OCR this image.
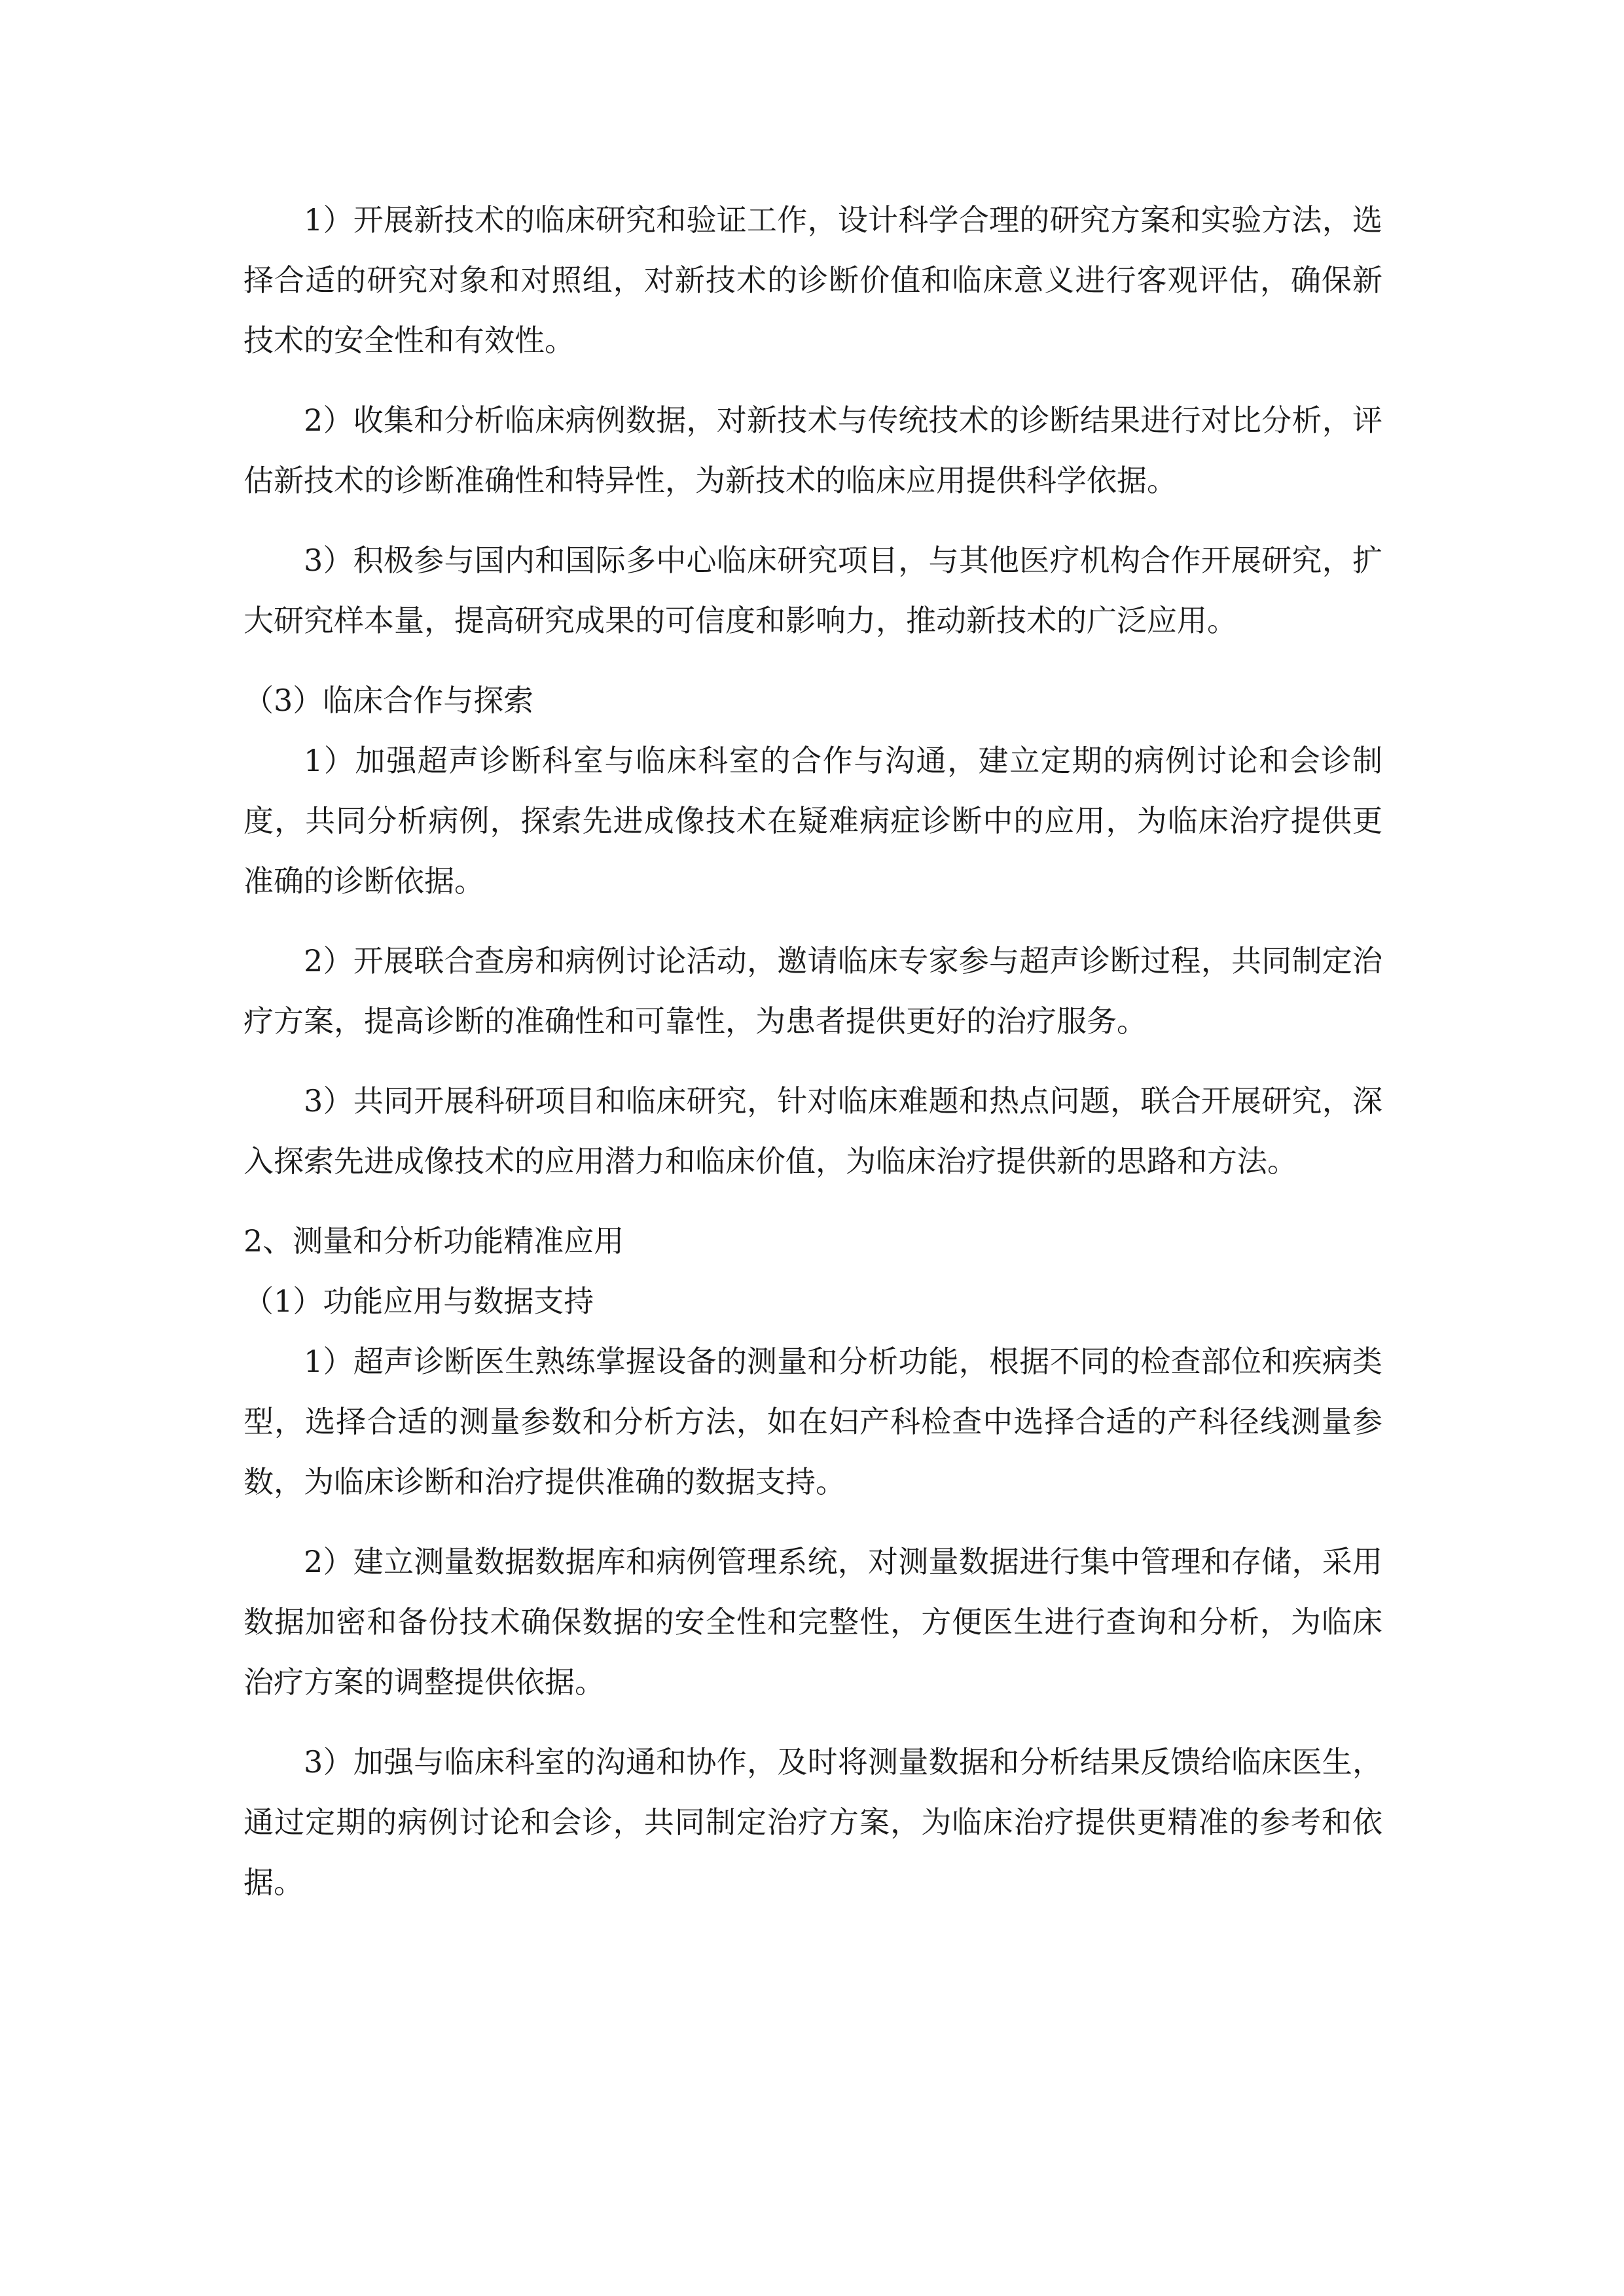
1）开展新技术的临床研究和验证工作，设计科学合理的研究方案和实验方法，选择合适的研究对象和对照组，对新技术的诊断价值和临床意义进行客观评估，确保新技术的安全性和有效性。

2）收集和分析临床病例数据，对新技术与传统技术的诊断结果进行对比分析，评估新技术的诊断准确性和特异性，为新技术的临床应用提供科学依据。

3）积极参与国内和国际多中心临床研究项目，与其他医疗机构合作开展研究，扩大研究样本量，提高研究成果的可信度和影响力，推动新技术的广泛应用。

（3）临床合作与探索

1）加强超声诊断科室与临床科室的合作与沟通，建立定期的病例讨论和会诊制度，共同分析病例，探索先进成像技术在疑难病症诊断中的应用，为临床治疗提供更准确的诊断依据。

2）开展联合查房和病例讨论活动，邀请临床专家参与超声诊断过程，共同制定治疗方案，提高诊断的准确性和可靠性，为患者提供更好的治疗服务。

3）共同开展科研项目和临床研究，针对临床难题和热点问题，联合开展研究，深入探索先进成像技术的应用潜力和临床价值，为临床治疗提供新的思路和方法。

2、测量和分析功能精准应用

（1）功能应用与数据支持

1）超声诊断医生熟练掌握设备的测量和分析功能，根据不同的检查部位和疾病类型，选择合适的测量参数和分析方法，如在妇产科检查中选择合适的产科径线测量参数，为临床诊断和治疗提供准确的数据支持。

2）建立测量数据数据库和病例管理系统，对测量数据进行集中管理和存储，采用数据加密和备份技术确保数据的安全性和完整性，方便医生进行查询和分析，为临床治疗方案的调整提供依据。

3）加强与临床科室的沟通和协作，及时将测量数据和分析结果反馈给临床医生，通过定期的病例讨论和会诊，共同制定治疗方案，为临床治疗提供更精准的参考和依据。
